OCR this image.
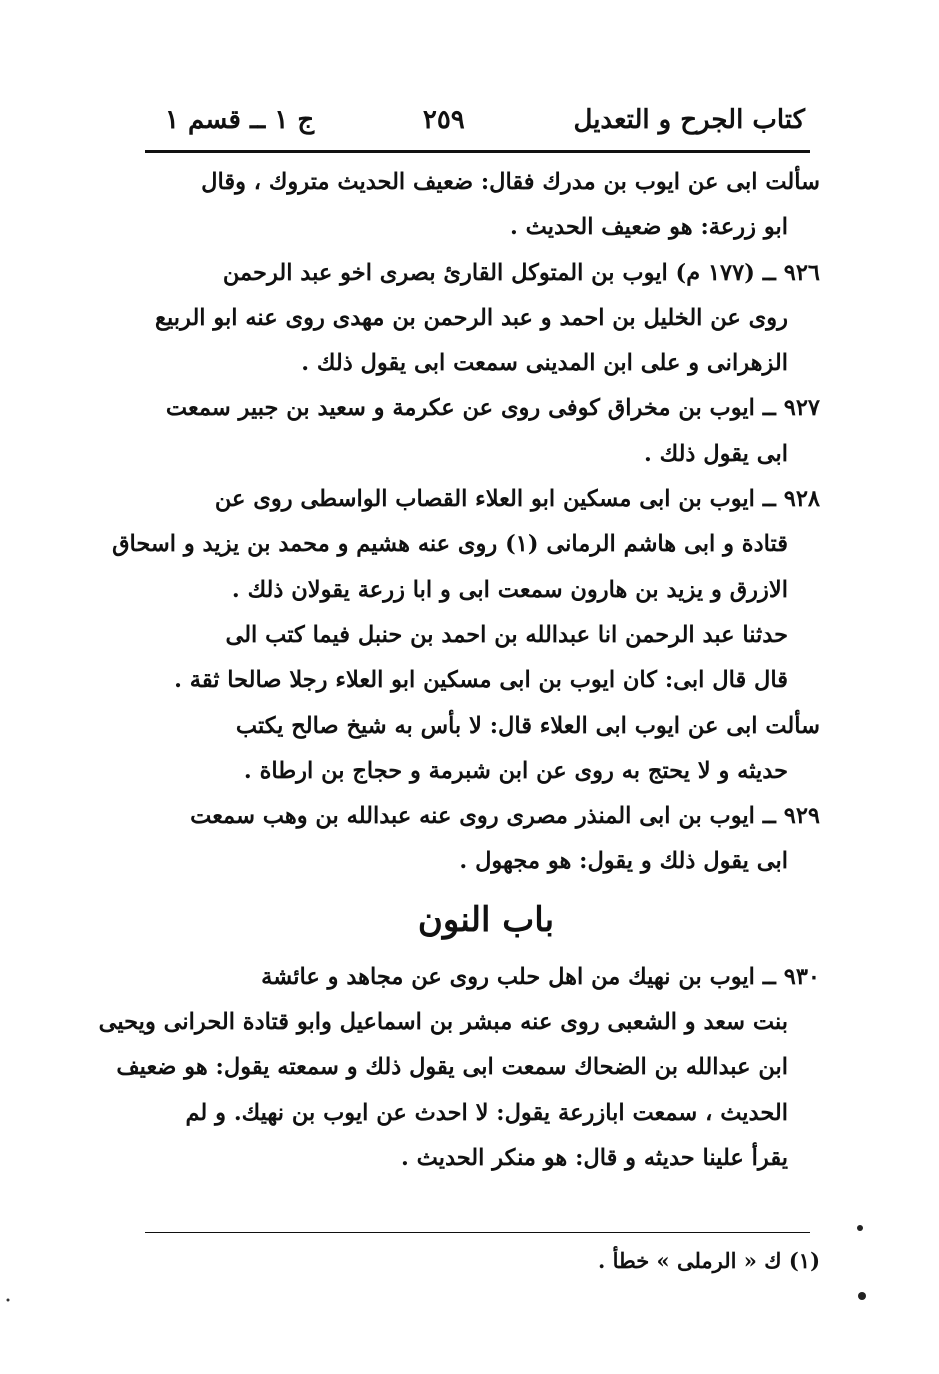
كتاب الجرح و التعديل
٢٥٩
ج ١ ــ قسم ١
سألت ابى عن ايوب بن مدرك فقال: ضعيف الحديث متروك ، وقال
ابو زرعة: هو ضعيف الحديث .
٩٢٦ ــ (١٧٧ م) ايوب بن المتوكل القارئ بصرى اخو عبد الرحمن
روى عن الخليل بن احمد و عبد الرحمن بن مهدى روى عنه ابو الربيع
الزهرانى و على ابن المدينى سمعت ابى يقول ذلك .
٩٢٧ ــ ايوب بن مخراق كوفى روى عن عكرمة و سعيد بن جبير سمعت
ابى يقول ذلك .
٩٢٨ ــ ايوب بن ابى مسكين ابو العلاء القصاب الواسطى روى عن
قتادة و ابى هاشم الرمانى (١) روى عنه هشيم و محمد بن يزيد و اسحاق
الازرق و يزيد بن هارون سمعت ابى و ابا زرعة يقولان ذلك .
حدثنا عبد الرحمن انا عبدالله بن احمد بن حنبل فيما كتب الى
قال قال ابى: كان ايوب بن ابى مسكين ابو العلاء رجلا صالحا ثقة .
سألت ابى عن ايوب ابى العلاء قال: لا بأس به شيخ صالح يكتب
حديثه و لا يحتج به روى عن ابن شبرمة و حجاج بن ارطاة .
٩٢٩ ــ ايوب بن ابى المنذر مصرى روى عنه عبدالله بن وهب سمعت
ابى يقول ذلك و يقول: هو مجهول .
باب النون
٩٣٠ ــ ايوب بن نهيك من اهل حلب روى عن مجاهد و عائشة
بنت سعد و الشعبى روى عنه مبشر بن اسماعيل وابو قتادة الحرانى ويحيى
ابن عبدالله بن الضحاك سمعت ابى يقول ذلك و سمعته يقول: هو ضعيف
الحديث ، سمعت ابازرعة يقول: لا احدث عن ايوب بن نهيك. و لم
يقرأ علينا حديثه و قال: هو منكر الحديث .
(١) ك « الرملى » خطأ .
